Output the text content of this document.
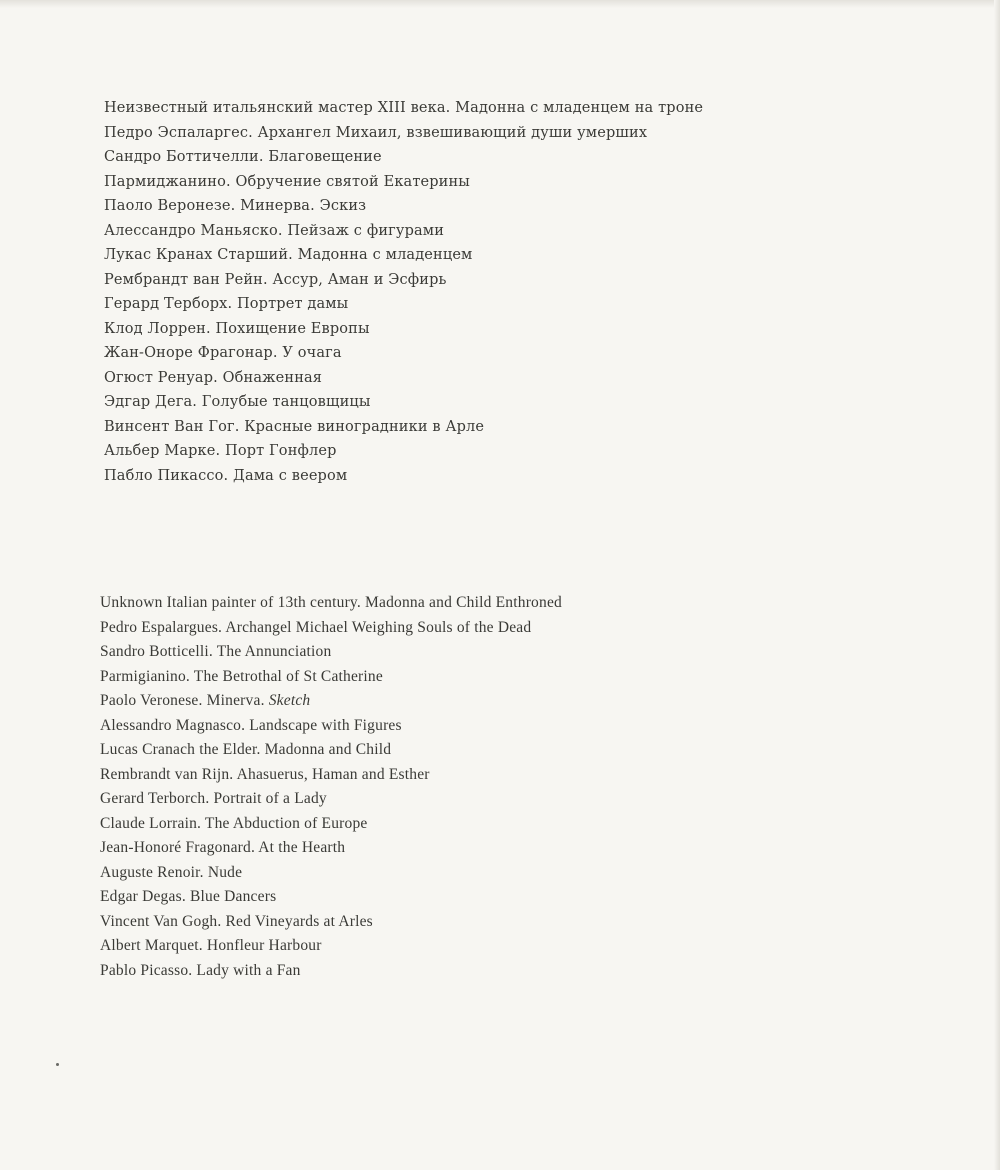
Неизвестный итальянский мастер XIII века. Мадонна с младенцем на троне
Педро Эспаларгес. Архангел Михаил, взвешивающий души умерших
Сандро Боттичелли. Благовещение
Пармиджанино. Обручение святой Екатерины
Паоло Веронезе. Минерва. Эскиз
Алессандро Маньяско. Пейзаж с фигурами
Лукас Кранах Старший. Мадонна с младенцем
Рембрандт ван Рейн. Ассур, Аман и Эсфирь
Герард Терборх. Портрет дамы
Клод Лоррен. Похищение Европы
Жан-Оноре Фрагонар. У очага
Огюст Ренуар. Обнаженная
Эдгар Дега. Голубые танцовщицы
Винсент Ван Гог. Красные виноградники в Арле
Альбер Марке. Порт Гонфлер
Пабло Пикассо. Дама с веером
Unknown Italian painter of 13th century. Madonna and Child Enthroned
Pedro Espalargues. Archangel Michael Weighing Souls of the Dead
Sandro Botticelli. The Annunciation
Parmigianino. The Betrothal of St Catherine
Paolo Veronese. Minerva. Sketch
Alessandro Magnasco. Landscape with Figures
Lucas Cranach the Elder. Madonna and Child
Rembrandt van Rijn. Ahasuerus, Haman and Esther
Gerard Terborch. Portrait of a Lady
Claude Lorrain. The Abduction of Europe
Jean-Honoré Fragonard. At the Hearth
Auguste Renoir. Nude
Edgar Degas. Blue Dancers
Vincent Van Gogh. Red Vineyards at Arles
Albert Marquet. Honfleur Harbour
Pablo Picasso. Lady with a Fan
